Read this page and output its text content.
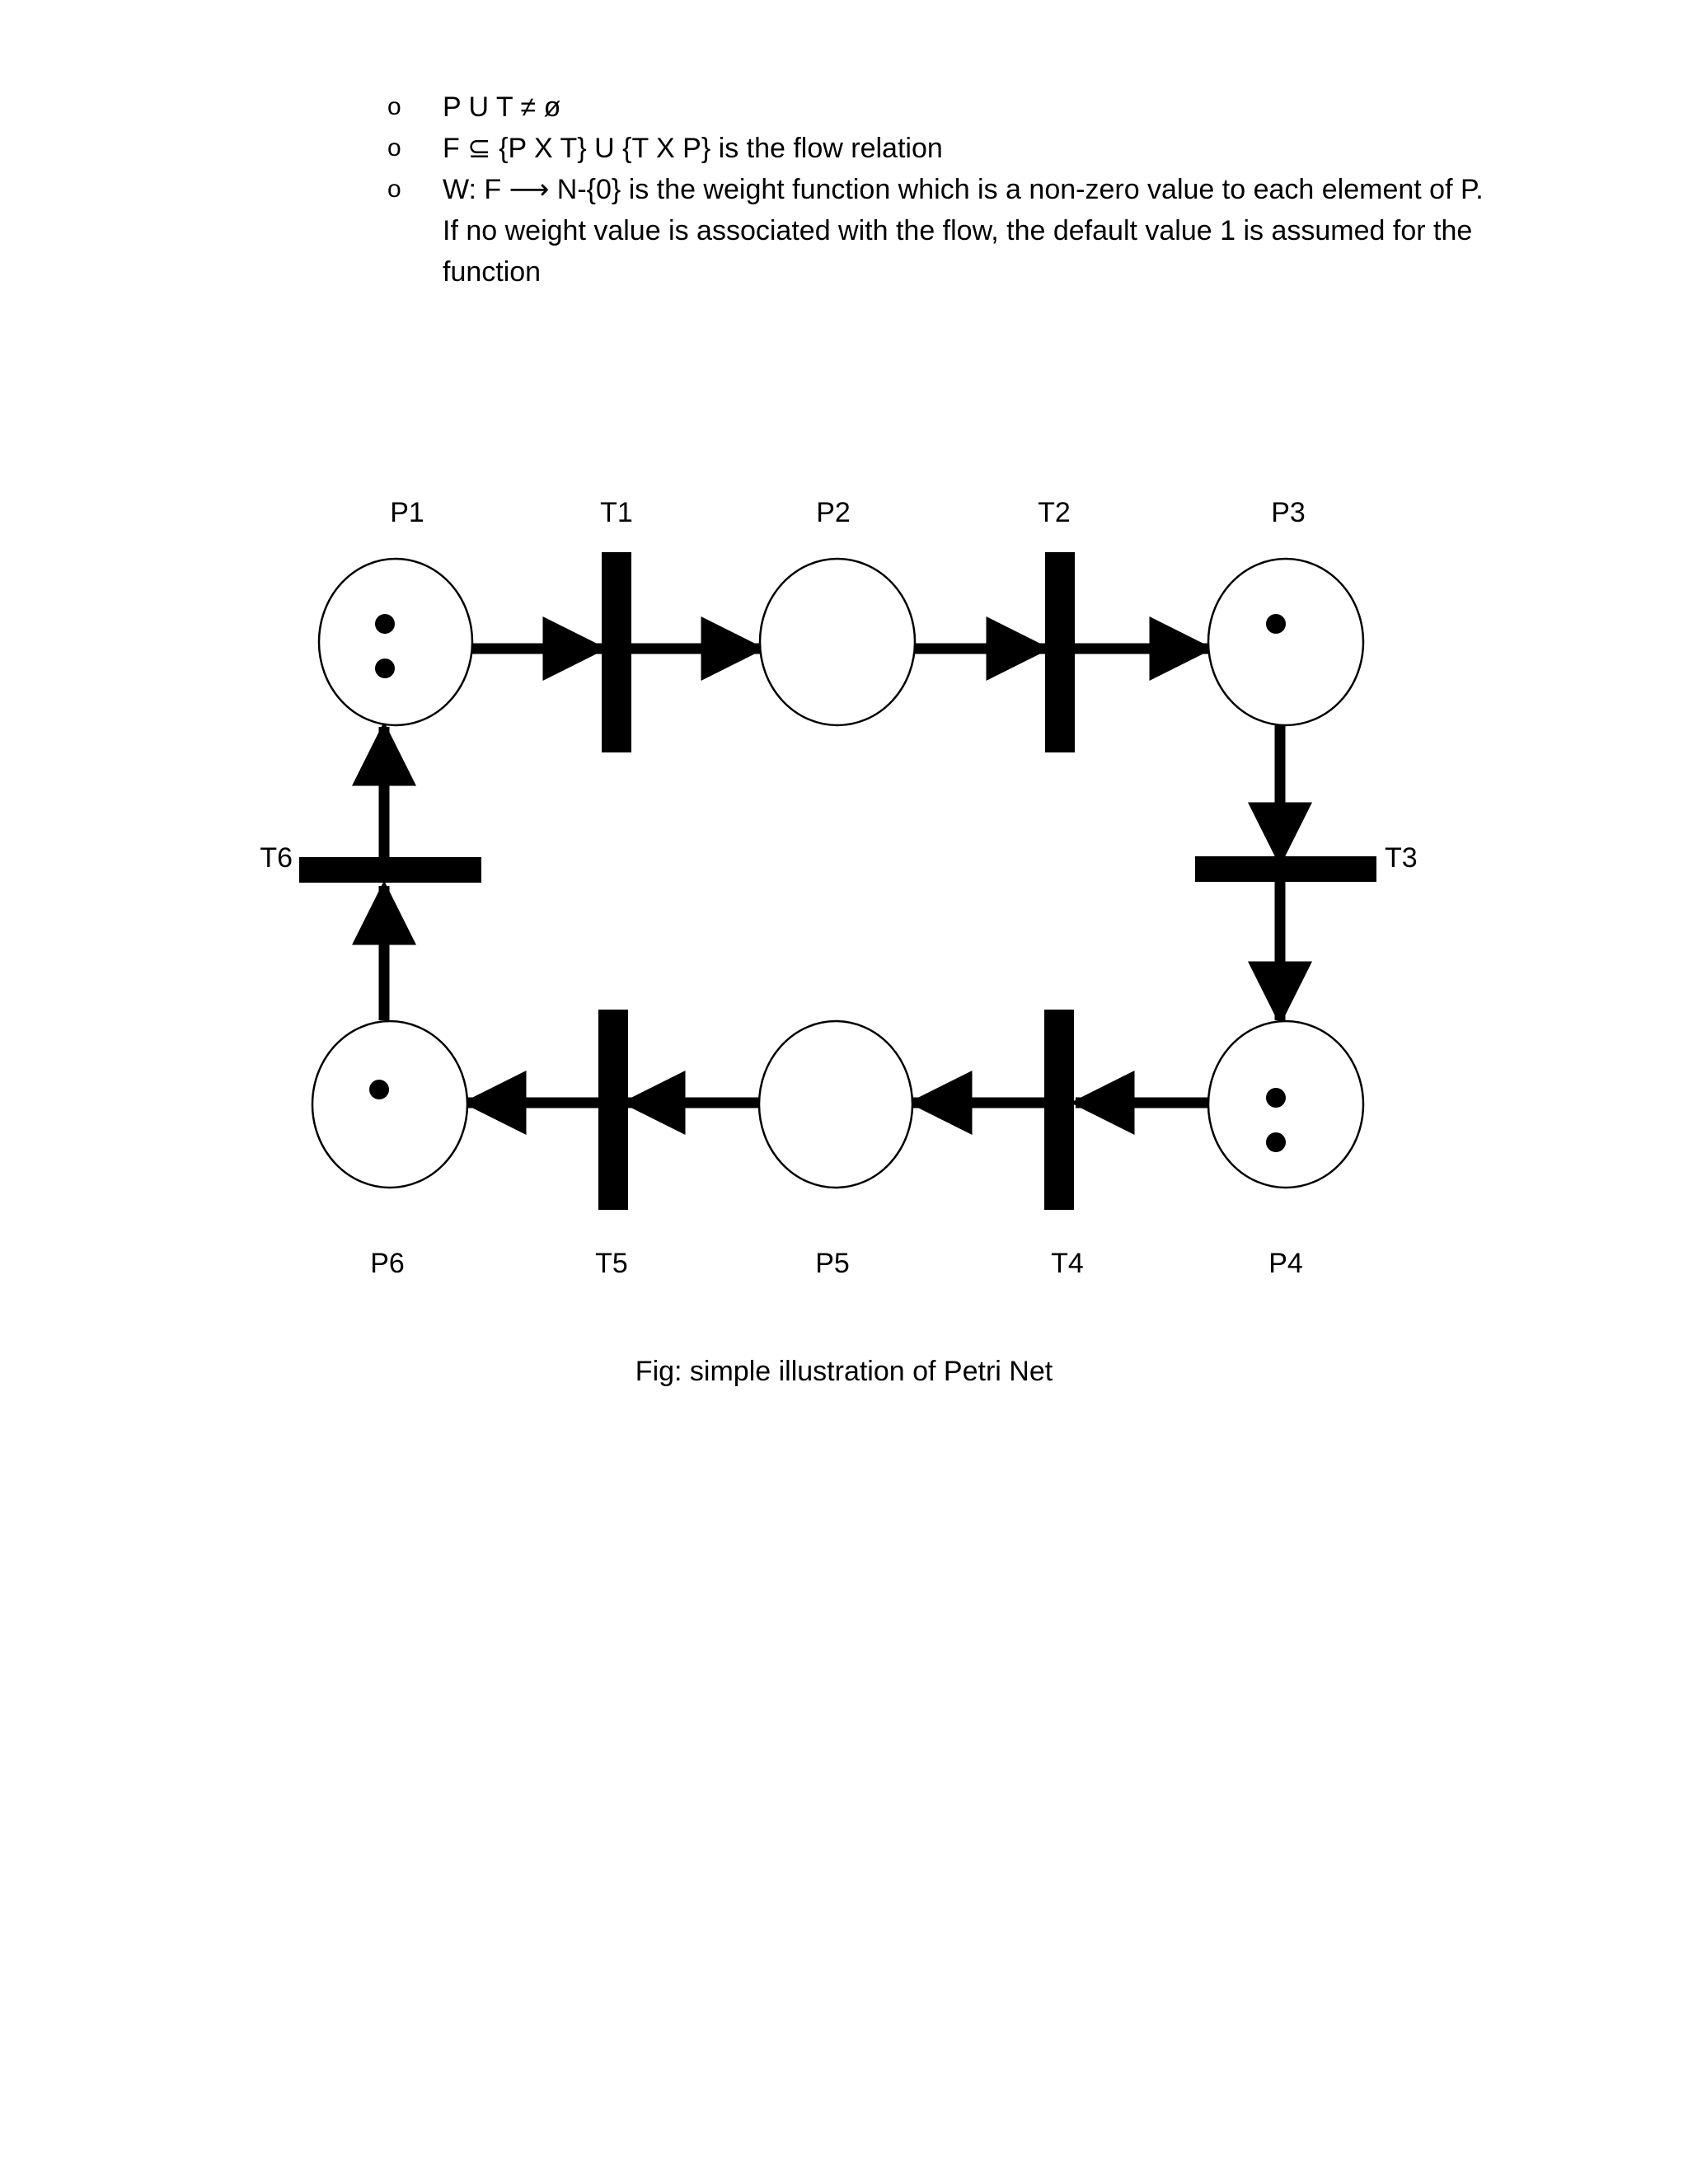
o P U T ≠ ø
o F ⊆ {P X T} U {T X P} is the flow relation
o W: F ⟶ N-{0} is the weight function which is a non-zero value to each element of P.
If no weight value is associated with the flow, the default value 1 is assumed for the
function
P1	T1	P2	T2	P3
T3
T6
P6	T5	P5	T4	P4
Fig: simple illustration of Petri Net
